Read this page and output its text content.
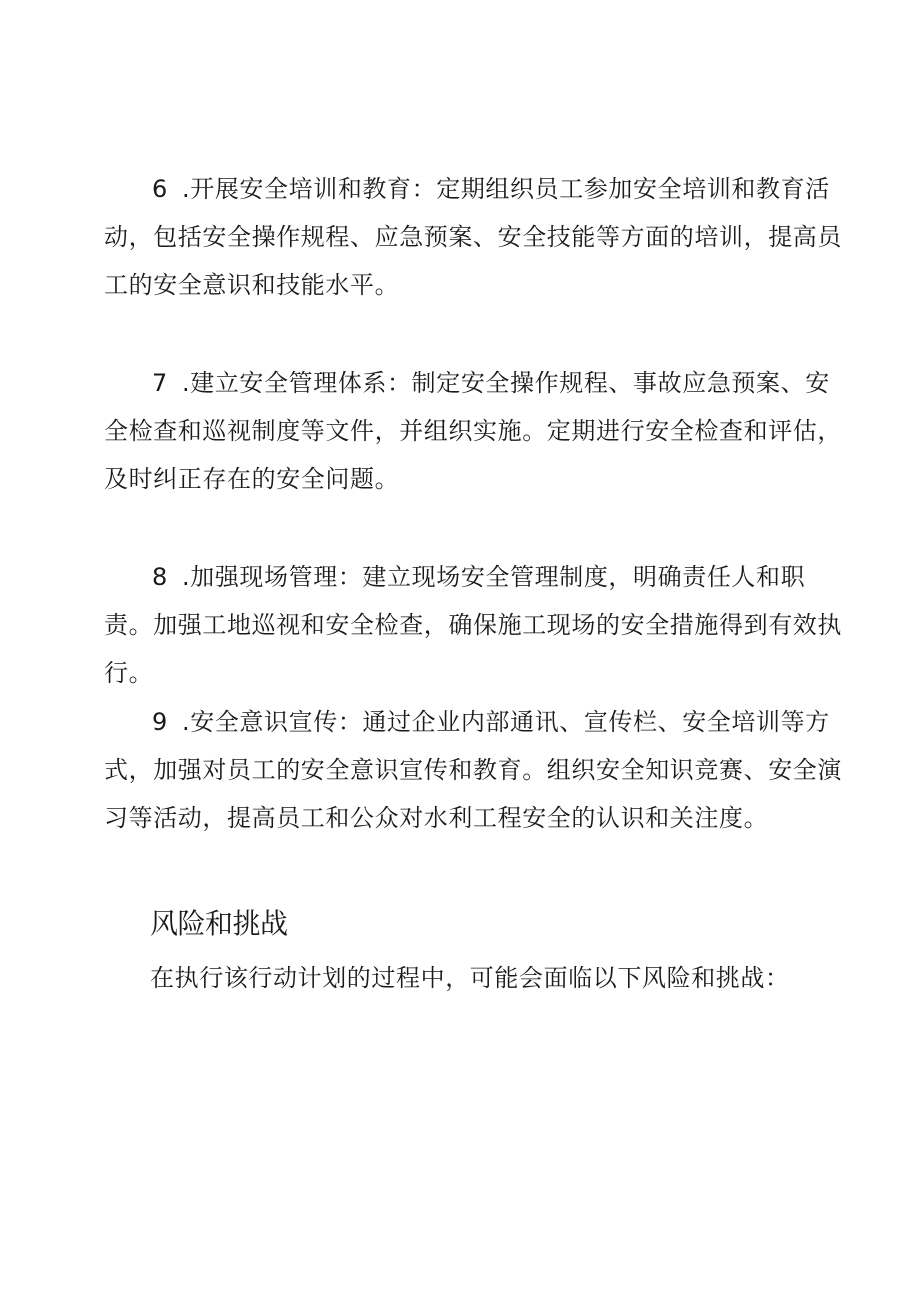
6 .开展安全培训和教育：定期组织员工参加安全培训和教育活动，包括安全操作规程、应急预案、安全技能等方面的培训，提高员工的安全意识和技能水平。

7 .建立安全管理体系：制定安全操作规程、事故应急预案、安全检查和巡视制度等文件，并组织实施。定期进行安全检查和评估，及时纠正存在的安全问题。

8 .加强现场管理：建立现场安全管理制度，明确责任人和职责。加强工地巡视和安全检查，确保施工现场的安全措施得到有效执行。

9 .安全意识宣传：通过企业内部通讯、宣传栏、安全培训等方式，加强对员工的安全意识宣传和教育。组织安全知识竞赛、安全演习等活动，提高员工和公众对水利工程安全的认识和关注度。

风险和挑战

在执行该行动计划的过程中，可能会面临以下风险和挑战：
